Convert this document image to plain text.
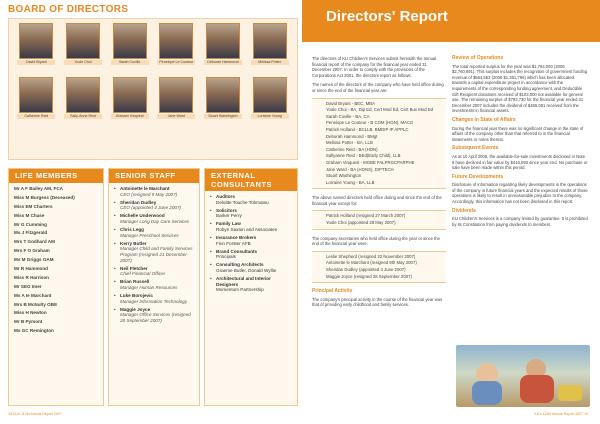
BOARD OF DIRECTORS
David Bryant	Yoole Choi	Sarah Coville	Penelope Le Couteur	Deborah Hammond	Melissa Potter
Catherine Reid	Sally-Anne Reid	Graham Vinquest	Jane Ward	Stuart Washington	Lorraine Young
LIFE MEMBERS
Mr A F Bailey AM, FCA
Miss M Burgess (Deceased)
Miss EM Charters
Miss M Chase
Mr G Cumming
Ms J Fitzgerald
Mrs T Godhard AM
Mrs F O Graham
Ms M Griggs OAM
Mr R Hammond
Miss R Harrison
Mr SEG Imer
Ms A Ie Marchant
Mrs B McNulty OBE
Miss H Newton
Mr B Pymont
Ms GC Remington
SENIOR STAFF
• Antoinette le Marchant
CEO (resigned 9 May 2007)
• Sheridan Dudley
CEO (appointed 4 June 2007)
• Michelle Underwood
Manager Long Day Care Services
• Chris Legg
Manager Preschool Services
• Kerry Butler
Manager Child and Family Services Program (resigned 21 December 2007)
• Neil Fletcher
Chief Financial Officer
• Brian Russell
Manager Human Resources
• Luke Borojevic
Manager Information Technology
• Maggie Joyce
Manager Office Services (resigned 28 September 2007)
EXTERNAL CONSULTANTS
• Auditors
Deloitte Touche Tohmatsu
• Solicitors
Barker Perry
• Family Law
Robyn Saxton and Associates
• Insurance Brokers
Finn Forster AFB
• Brand Consultants
Principals
• Consulting Architects
Graeme Butler, Donald Wyllie
• Architectural and Interior Designers
Momentum Partnership
18 KU's 112th Annual Report 2007
Directors' Report
The directors of KU Children's Services submit herewith the annual financial report of the company for the financial year ended 31 December 2007. In order to comply with the provisions of the Corporations Act 2001, the directors report as follows:
The names of the directors of the company who have held office during or since the end of the financial year are:
David Bryant - BEC, MBA
Yoole Choi - BA, Dip Ed, Cert Mod Ed, Cert Bus Mod Ed
Sarah Coville - BA, CA
Penelope Le Couteur - B COM (HON), MACG
Patrick Holland - BCLLB, BMDIP IP APPLC
Deborah Hammond - BMgt
Melissa Potter - BA, LLB
Catherine Reid - BA (HON)
Sallyanne Reid - BEd(Early Child), LLB
Graham Vinquest - MGBE FALPRGCPARPHE
Jane Ward - BA (HONS), DIPTECH
Stuart Washington
Lorraine Young - BA, LLB
The above named directors held office during and since the end of the financial year except for:
Patrick Holland (resigned 27 March 2007)
Yoole Choi (appointed 28 May 2007)
The company secretaries who held office during the year or since the end of the financial year were:
Leslie Shepherd (resigned 22 November 2007)
Antoinette le Marchant (resigned 9th May 2007)
Sheridan Dudley (appointed 4 June 2007)
Maggie Joyce (resigned 28 September 2007)
Principal Activity
The company's principal activity in the course of the financial year was that of providing early childhood and family services.
Review of Operations
The total reported surplus for the year was $1,764,000 (2006 $2,760,891). This surplus includes the recognition of government funding revenue of $564,553 (2006 $1,361,796) which has been allocated towards a capital expenditure project in accordance with the requirements of the corresponding funding agreement, and Deductible Gift Recipient donations received of $103,000 not available for general use. The remaining surplus of $793,730 for the financial year ended 31 December 2007 includes the dividend of $465,061 received from the investments in financial assets.
Changes in State of Affairs
During the financial year there was no significant change in the state of affairs of the company other than that referred to in the financial statements or notes thereto.
Subsequent Events
As at 10 April 2008, the available-for-sale investments disclosed in Note 8 have declined in fair value by $416,593 since year end. No purchase or sale have been made within this period.
Future Developments
Disclosure of information regarding likely developments in the operations of the company in future financial years and the expected results of those operations is likely to result in unreasonable prejudice to the company. Accordingly, this information has not been disclosed in this report.
Dividends
KU Children's Services is a company limited by guarantee. It is prohibited by its Constitution from paying dividends to members.
KU's 112th Annual Report 2007 19
